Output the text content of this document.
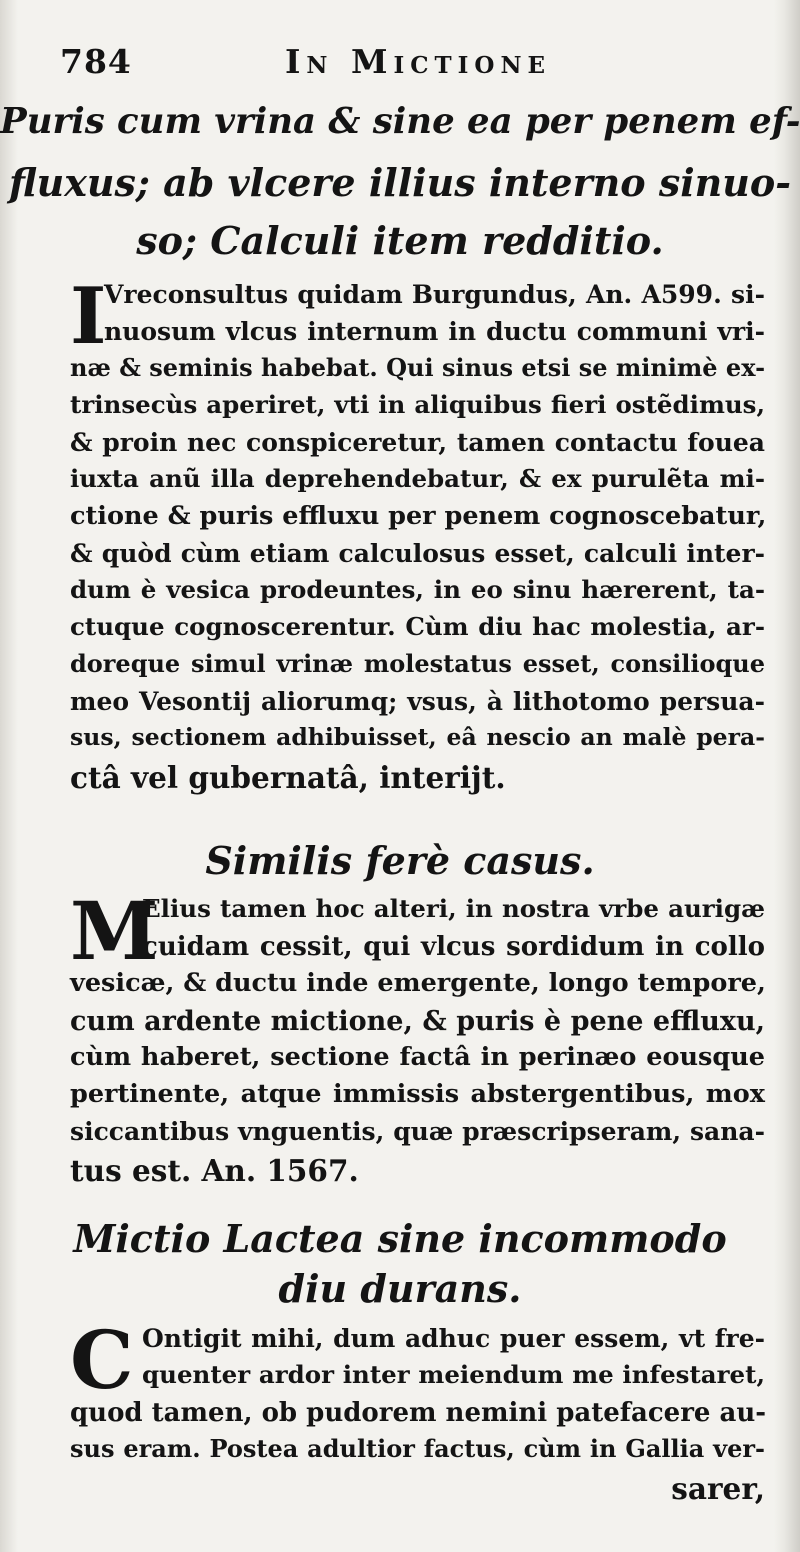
784	In Mictione
Puris cum vrina & sine ea per penem ef-
fluxus; ab vlcere illius interno sinuo-
so; Calculi item redditio.
I
Vreconsultus quidam Burgundus, An. A599. si-
nuosum vlcus internum in ductu communi vri-
næ & seminis habebat. Qui sinus etsi se minimè ex-
trinsecùs aperiret, vti in aliquibus fieri ostẽdimus,
& proin nec conspiceretur, tamen contactu fouea
iuxta anũ illa deprehendebatur, & ex purulẽta mi-
ctione & puris effluxu per penem cognoscebatur,
& quòd cùm etiam calculosus esset, calculi inter-
dum è vesica prodeuntes, in eo sinu hærerent, ta-
ctuque cognoscerentur. Cùm diu hac molestia, ar-
doreque simul vrinæ molestatus esset, consilioque
meo Vesontij aliorumq; vsus, à lithotomo persua-
sus, sectionem adhibuisset, eâ nescio an malè pera-
ctâ vel gubernatâ, interijt.
Similis ferè casus.
M
Elius tamen hoc alteri, in nostra vrbe aurigæ
cuidam cessit, qui vlcus sordidum in collo
vesicæ, & ductu inde emergente, longo tempore,
cum ardente mictione, & puris è pene effluxu,
cùm haberet, sectione factâ in perinæo eousque
pertinente, atque immissis abstergentibus, mox
siccantibus vnguentis, quæ præscripseram, sana-
tus est. An. 1567.
Mictio Lactea sine incommodo
diu durans.
C Ontigit mihi, dum adhuc puer essem, vt fre-
quenter ardor inter meiendum me infestaret,
quod tamen, ob pudorem nemini patefacere au-
sus eram. Postea adultior factus, cùm in Gallia ver-
sarer,
